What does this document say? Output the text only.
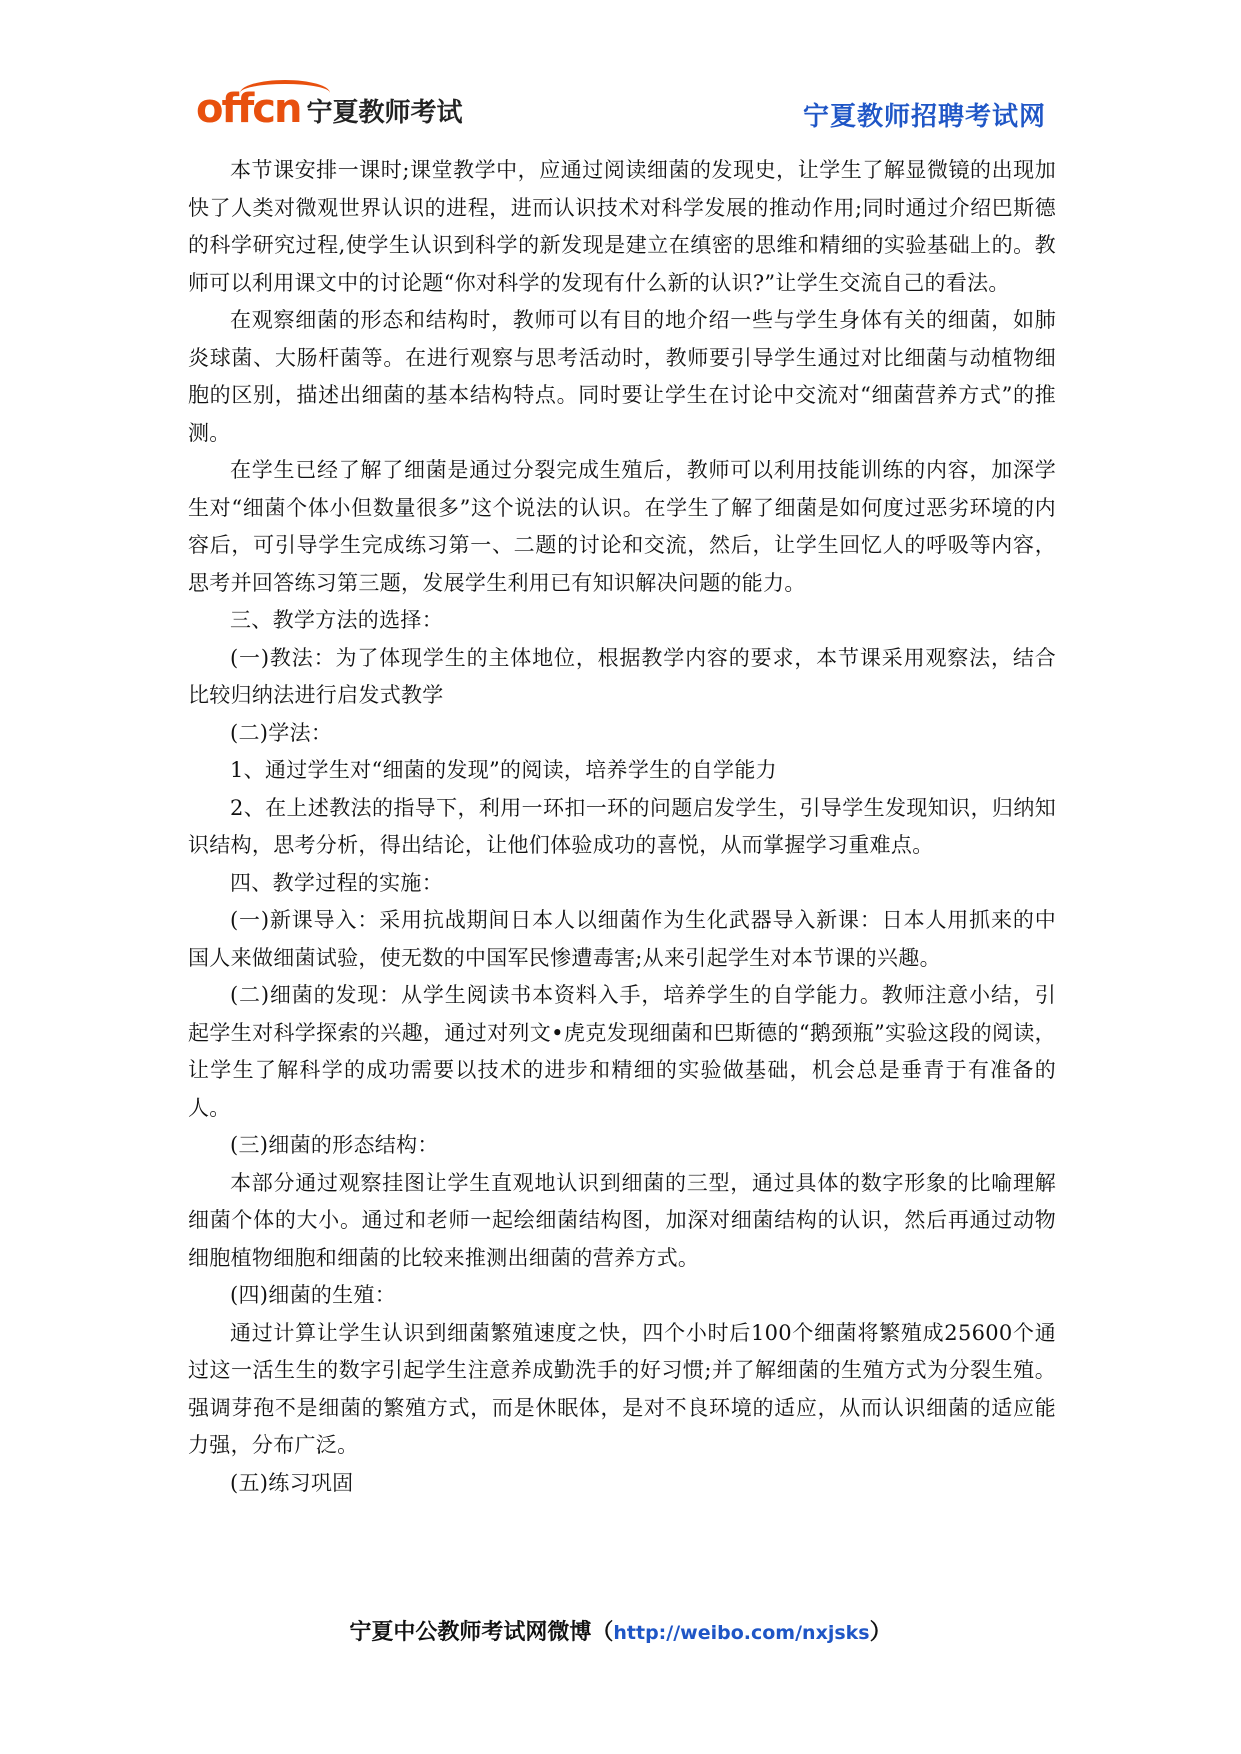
offcn 宁夏教师考试	宁夏教师招聘考试网

本节课安排一课时;课堂教学中，应通过阅读细菌的发现史，让学生了解显微镜的出现加快了人类对微观世界认识的进程，进而认识技术对科学发展的推动作用;同时通过介绍巴斯德的科学研究过程,使学生认识到科学的新发现是建立在缜密的思维和精细的实验基础上的。教师可以利用课文中的讨论题“你对科学的发现有什么新的认识?”让学生交流自己的看法。

在观察细菌的形态和结构时，教师可以有目的地介绍一些与学生身体有关的细菌，如肺炎球菌、大肠杆菌等。在进行观察与思考活动时，教师要引导学生通过对比细菌与动植物细胞的区别，描述出细菌的基本结构特点。同时要让学生在讨论中交流对“细菌营养方式”的推测。

在学生已经了解了细菌是通过分裂完成生殖后，教师可以利用技能训练的内容，加深学生对“细菌个体小但数量很多”这个说法的认识。在学生了解了细菌是如何度过恶劣环境的内容后，可引导学生完成练习第一、二题的讨论和交流，然后，让学生回忆人的呼吸等内容，思考并回答练习第三题，发展学生利用已有知识解决问题的能力。

三、教学方法的选择：

(一)教法：为了体现学生的主体地位，根据教学内容的要求，本节课采用观察法，结合比较归纳法进行启发式教学

(二)学法：

1、通过学生对“细菌的发现”的阅读，培养学生的自学能力

2、在上述教法的指导下，利用一环扣一环的问题启发学生，引导学生发现知识，归纳知识结构，思考分析，得出结论，让他们体验成功的喜悦，从而掌握学习重难点。

四、教学过程的实施：

(一)新课导入：采用抗战期间日本人以细菌作为生化武器导入新课：日本人用抓来的中国人来做细菌试验，使无数的中国军民惨遭毒害;从来引起学生对本节课的兴趣。

(二)细菌的发现：从学生阅读书本资料入手，培养学生的自学能力。教师注意小结，引起学生对科学探索的兴趣，通过对列文•虎克发现细菌和巴斯德的“鹅颈瓶”实验这段的阅读，让学生了解科学的成功需要以技术的进步和精细的实验做基础，机会总是垂青于有准备的人。

(三)细菌的形态结构：

本部分通过观察挂图让学生直观地认识到细菌的三型，通过具体的数字形象的比喻理解细菌个体的大小。通过和老师一起绘细菌结构图，加深对细菌结构的认识，然后再通过动物细胞植物细胞和细菌的比较来推测出细菌的营养方式。

(四)细菌的生殖：

通过计算让学生认识到细菌繁殖速度之快，四个小时后100个细菌将繁殖成25600个通过这一活生生的数字引起学生注意养成勤洗手的好习惯;并了解细菌的生殖方式为分裂生殖。强调芽孢不是细菌的繁殖方式，而是休眠体，是对不良环境的适应，从而认识细菌的适应能力强，分布广泛。

(五)练习巩固

宁夏中公教师考试网微博（http://weibo.com/nxjsks）
